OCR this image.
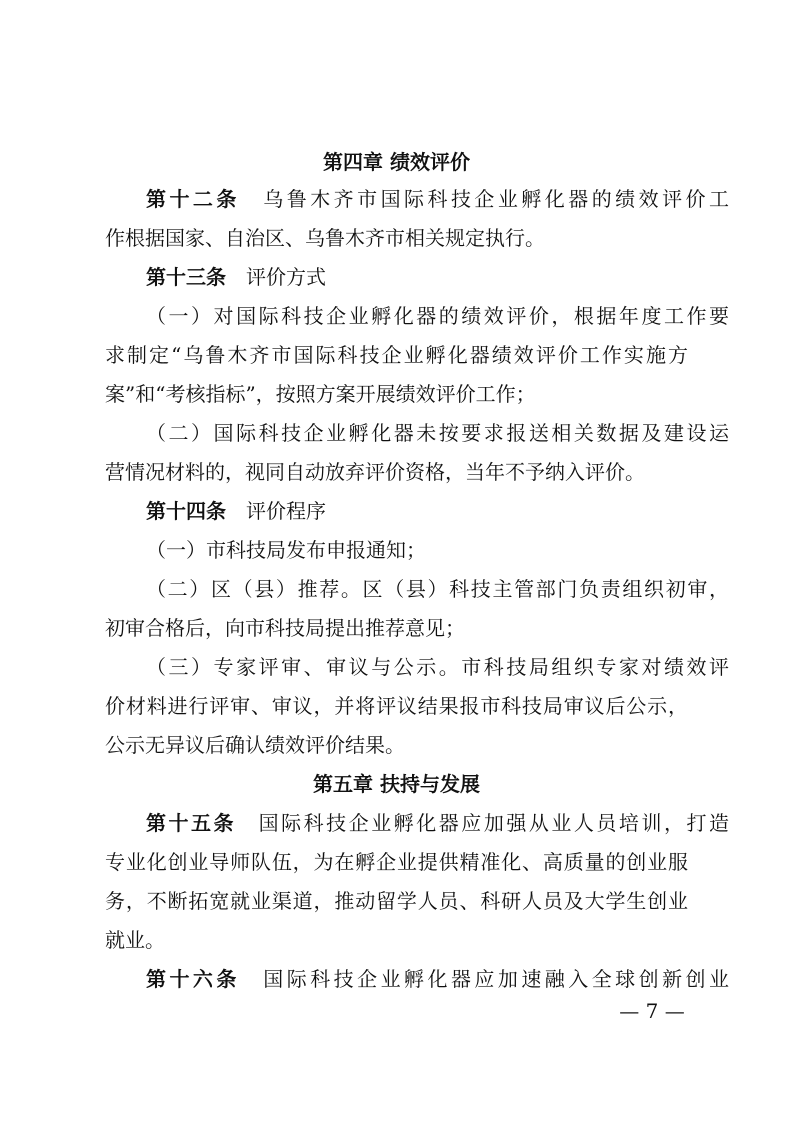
第四章 绩效评价
第十二条  乌鲁木齐市国际科技企业孵化器的绩效评价工
作根据国家、自治区、乌鲁木齐市相关规定执行。
第十三条  评价方式
（一）对国际科技企业孵化器的绩效评价，根据年度工作要
求制定“乌鲁木齐市国际科技企业孵化器绩效评价工作实施方
案”和“考核指标”，按照方案开展绩效评价工作；
（二）国际科技企业孵化器未按要求报送相关数据及建设运
营情况材料的，视同自动放弃评价资格，当年不予纳入评价。
第十四条  评价程序
（一）市科技局发布申报通知；
（二）区（县）推荐。区（县）科技主管部门负责组织初审，
初审合格后，向市科技局提出推荐意见；
（三）专家评审、审议与公示。市科技局组织专家对绩效评
价材料进行评审、审议，并将评议结果报市科技局审议后公示，
公示无异议后确认绩效评价结果。
第五章 扶持与发展
第十五条  国际科技企业孵化器应加强从业人员培训，打造
专业化创业导师队伍，为在孵企业提供精准化、高质量的创业服
务，不断拓宽就业渠道，推动留学人员、科研人员及大学生创业
就业。
第十六条  国际科技企业孵化器应加速融入全球创新创业
— 7 —
